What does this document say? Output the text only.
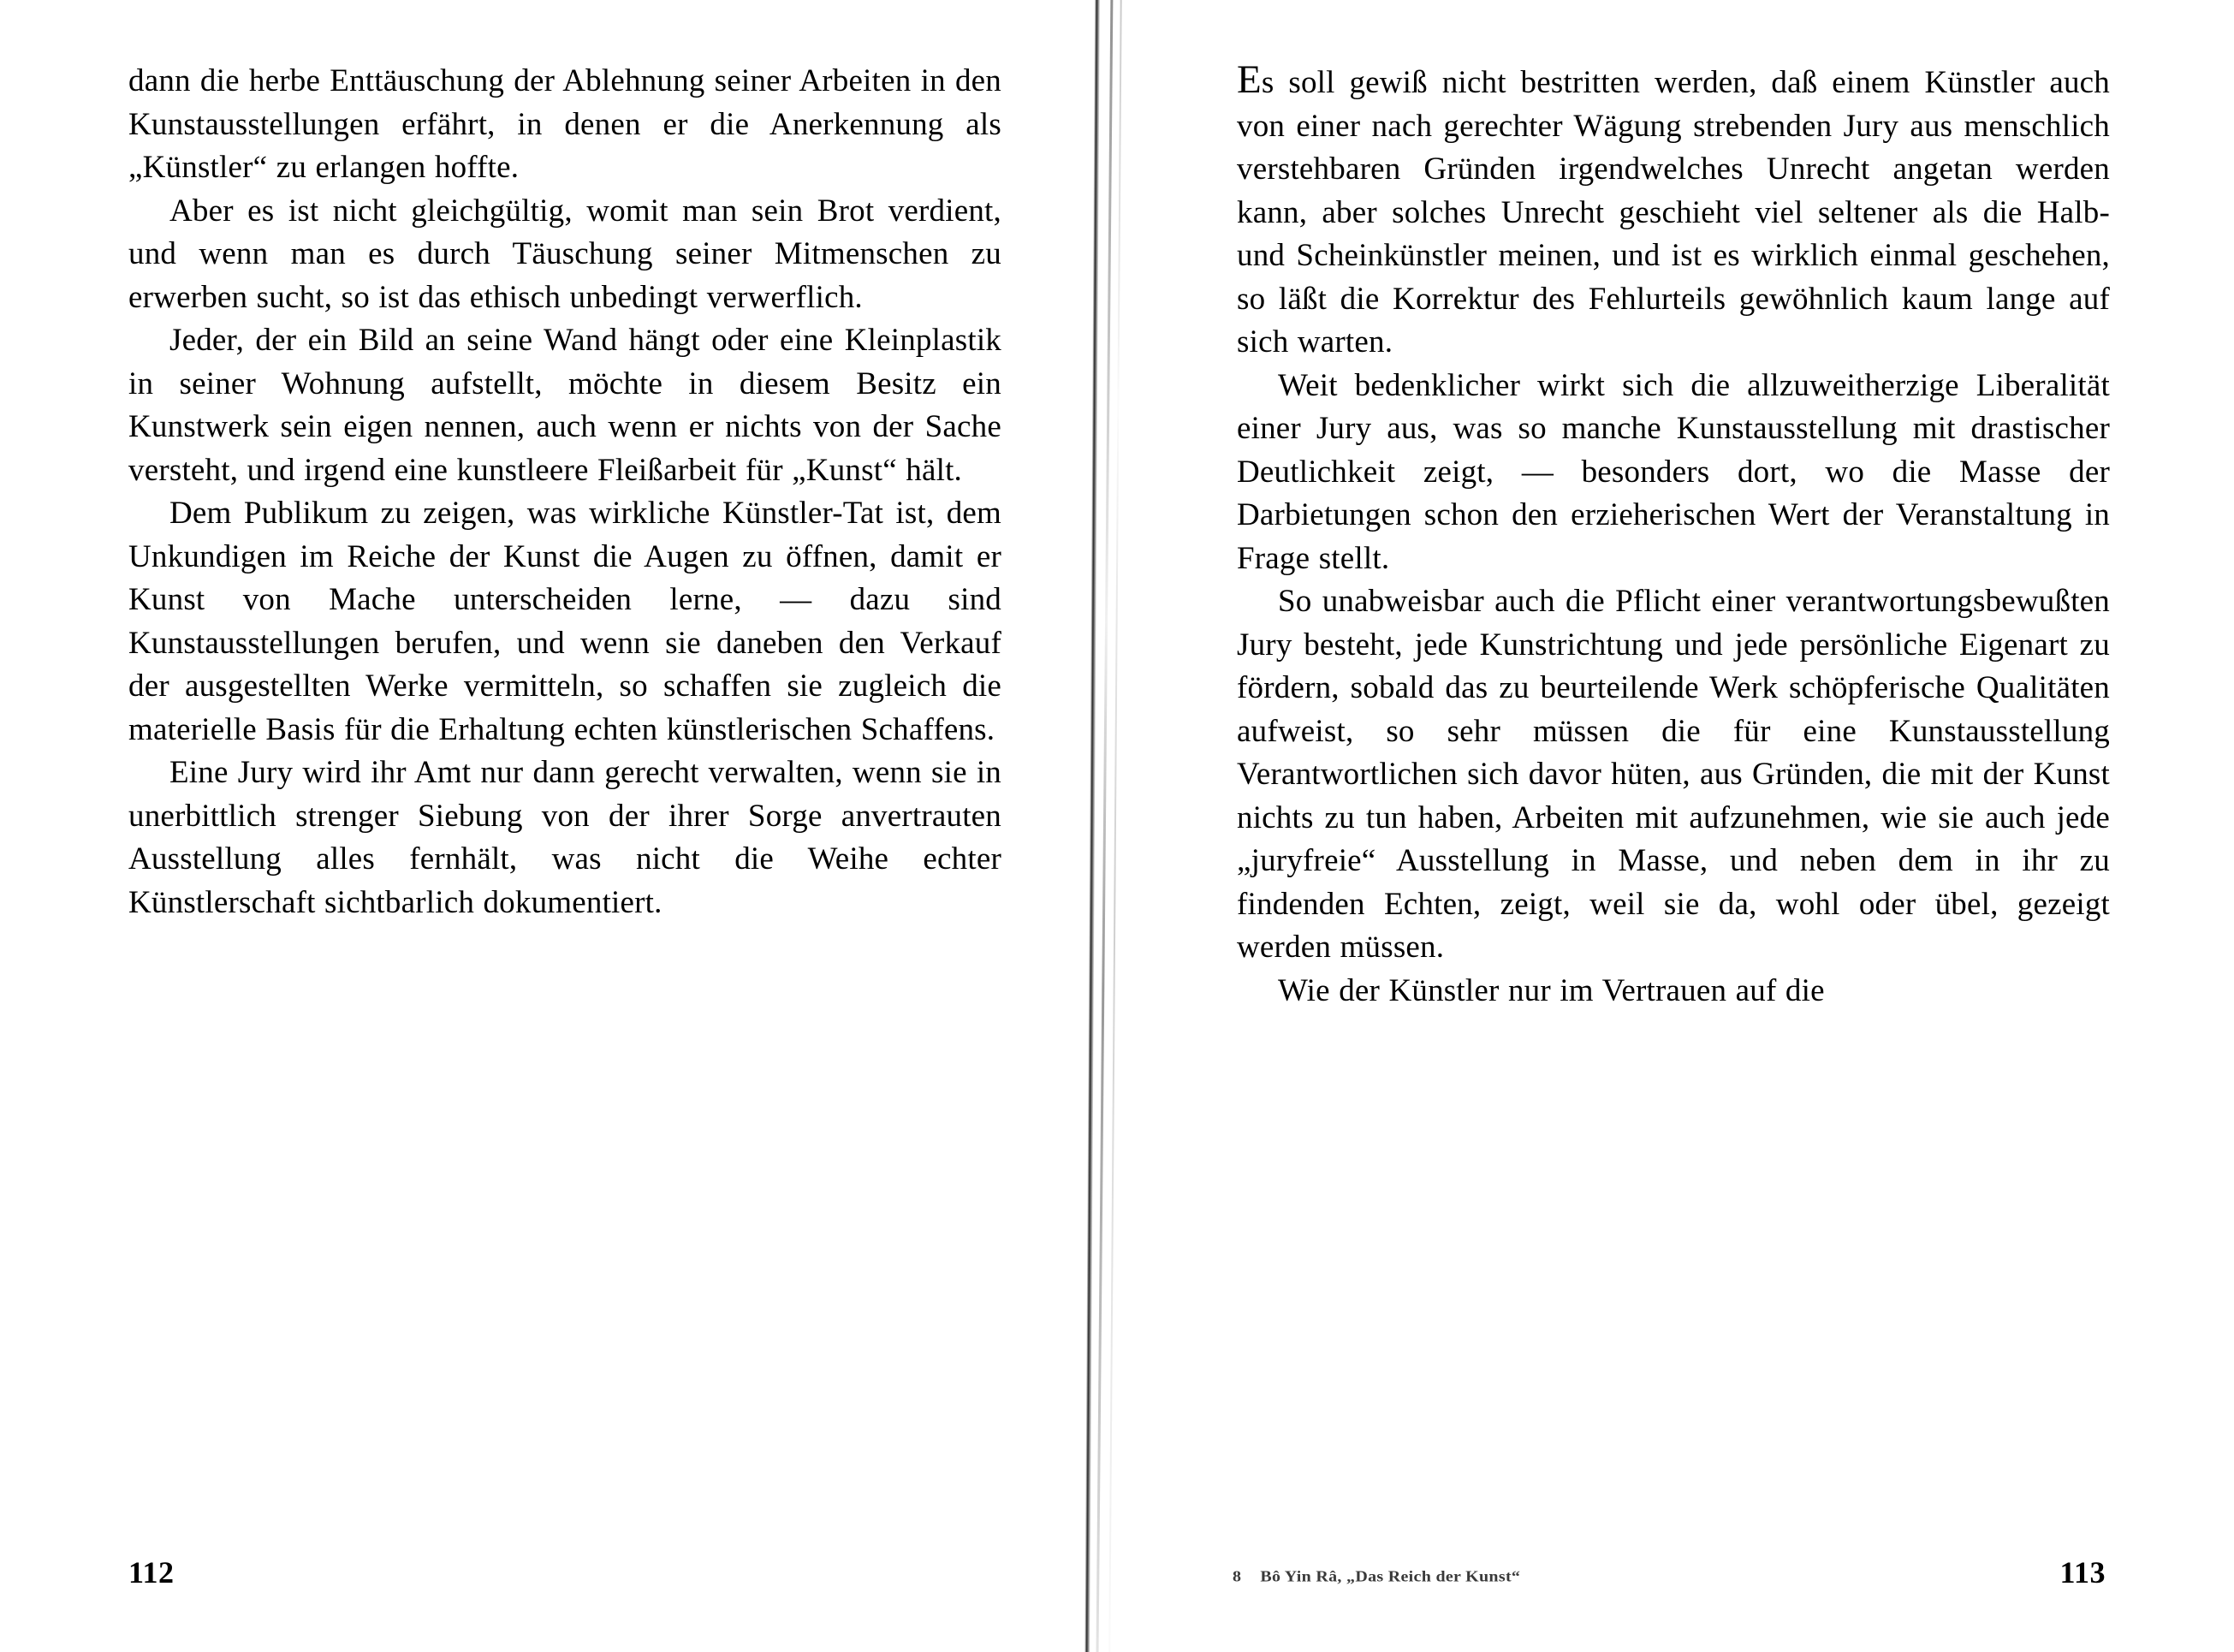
dann die herbe Enttäuschung der Ablehnung seiner Arbeiten in den Kunstausstellungen erfährt, in denen er die Anerkennung als „Künstler“ zu erlangen hoffte.

Aber es ist nicht gleichgültig, womit man sein Brot verdient, und wenn man es durch Täuschung seiner Mitmenschen zu erwerben sucht, so ist das ethisch unbedingt verwerflich.

Jeder, der ein Bild an seine Wand hängt oder eine Kleinplastik in seiner Wohnung aufstellt, möchte in diesem Besitz ein Kunstwerk sein eigen nennen, auch wenn er nichts von der Sache versteht, und irgend eine kunstleere Fleißarbeit für „Kunst“ hält.

Dem Publikum zu zeigen, was wirkliche Künstler-Tat ist, dem Unkundigen im Reiche der Kunst die Augen zu öffnen, damit er Kunst von Mache unterscheiden lerne, — dazu sind Kunstausstellungen berufen, und wenn sie daneben den Verkauf der ausgestellten Werke vermitteln, so schaffen sie zugleich die materielle Basis für die Erhaltung echten künstlerischen Schaffens.

Eine Jury wird ihr Amt nur dann gerecht verwalten, wenn sie in unerbittlich strenger Siebung von der ihrer Sorge anvertrauten Ausstellung alles fernhält, was nicht die Weihe echter Künstlerschaft sichtbarlich dokumentiert.

112

Es soll gewiß nicht bestritten werden, daß einem Künstler auch von einer nach gerechter Wägung strebenden Jury aus menschlich verstehbaren Gründen irgendwelches Unrecht angetan werden kann, aber solches Unrecht geschieht viel seltener als die Halb- und Scheinkünstler meinen, und ist es wirklich einmal geschehen, so läßt die Korrektur des Fehlurteils gewöhnlich kaum lange auf sich warten.

Weit bedenklicher wirkt sich die allzuweitherzige Liberalität einer Jury aus, was so manche Kunstausstellung mit drastischer Deutlichkeit zeigt, — besonders dort, wo die Masse der Darbietungen schon den erzieherischen Wert der Veranstaltung in Frage stellt.

So unabweisbar auch die Pflicht einer verantwortungsbewußten Jury besteht, jede Kunstrichtung und jede persönliche Eigenart zu fördern, sobald das zu beurteilende Werk schöpferische Qualitäten aufweist, so sehr müssen die für eine Kunstausstellung Verantwortlichen sich davor hüten, aus Gründen, die mit der Kunst nichts zu tun haben, Arbeiten mit aufzunehmen, wie sie auch jede „juryfreie“ Ausstellung in Masse, und neben dem in ihr zu findenden Echten, zeigt, weil sie da, wohl oder übel, gezeigt werden müssen.

Wie der Künstler nur im Vertrauen auf die

113
8 Bô Yin Râ, „Das Reich der Kunst“
